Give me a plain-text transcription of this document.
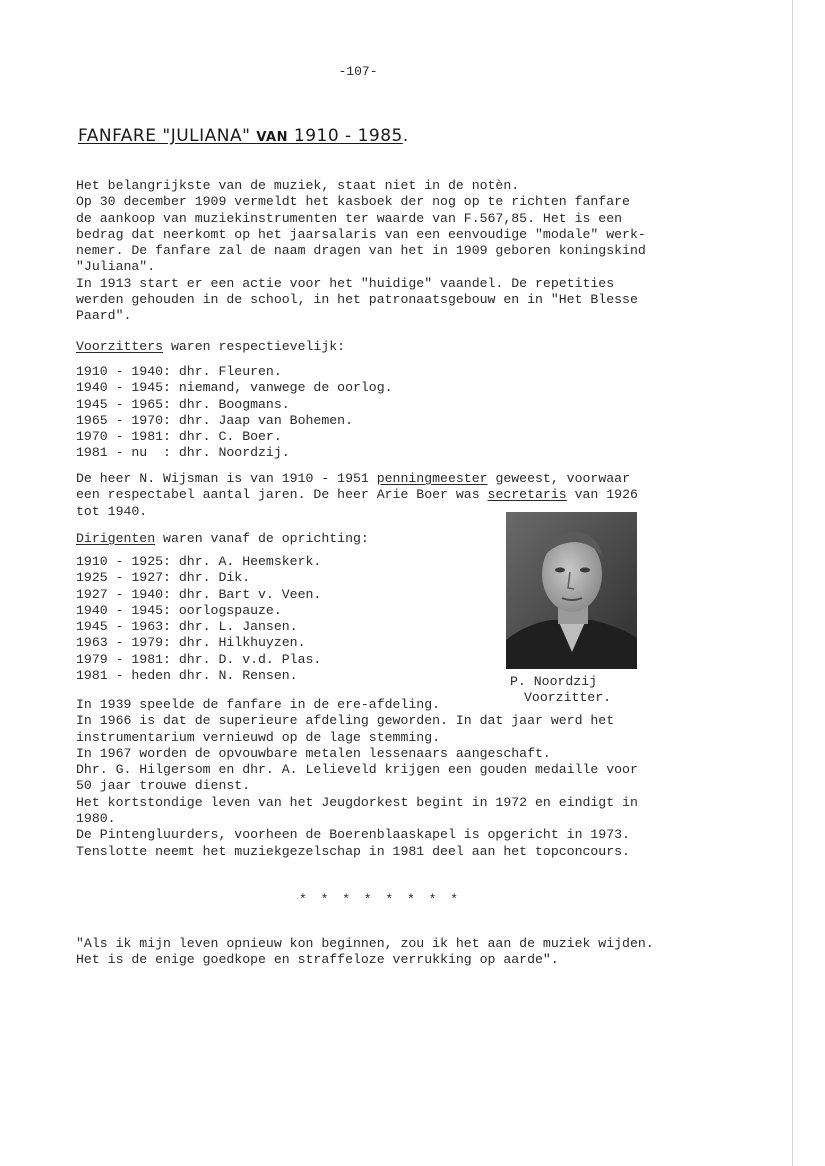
-107-
FANFARE "JULIANA" VAN 1910 - 1985.
Het belangrijkste van de muziek, staat niet in de notèn.
Op 30 december 1909 vermeldt het kasboek der nog op te richten fanfare
de aankoop van muziekinstrumenten ter waarde van F.567,85. Het is een
bedrag dat neerkomt op het jaarsalaris van een eenvoudige "modale" werk-
nemer. De fanfare zal de naam dragen van het in 1909 geboren koningskind
"Juliana".
In 1913 start er een actie voor het "huidige" vaandel. De repetities
werden gehouden in de school, in het patronaatsgebouw en in "Het Blesse
Paard".
Voorzitters waren respectievelijk:
1910 - 1940: dhr. Fleuren.
1940 - 1945: niemand, vanwege de oorlog.
1945 - 1965: dhr. Boogmans.
1965 - 1970: dhr. Jaap van Bohemen.
1970 - 1981: dhr. C. Boer.
1981 - nu  : dhr. Noordzij.
De heer N. Wijsman is van 1910 - 1951 penningmeester geweest, voorwaar
een respectabel aantal jaren. De heer Arie Boer was secretaris van 1926
tot 1940.
Dirigenten waren vanaf de oprichting:
1910 - 1925: dhr. A. Heemskerk.
1925 - 1927: dhr. Dik.
1927 - 1940: dhr. Bart v. Veen.
1940 - 1945: oorlogspauze.
1945 - 1963: dhr. L. Jansen.
1963 - 1979: dhr. Hilkhuyzen.
1979 - 1981: dhr. D. v.d. Plas.
1981 - heden dhr. N. Rensen.	P. Noordzij
Voorzitter.
In 1939 speelde de fanfare in de ere-afdeling.
In 1966 is dat de superieure afdeling geworden. In dat jaar werd het
instrumentarium vernieuwd op de lage stemming.
In 1967 worden de opvouwbare metalen lessenaars aangeschaft.
Dhr. G. Hilgersom en dhr. A. Lelieveld krijgen een gouden medaille voor
50 jaar trouwe dienst.
Het kortstondige leven van het Jeugdorkest begint in 1972 en eindigt in
1980.
De Pintengluurders, voorheen de Boerenblaaskapel is opgericht in 1973.
Tenslotte neemt het muziekgezelschap in 1981 deel aan het topconcours.
* * * * * * * *
"Als ik mijn leven opnieuw kon beginnen, zou ik het aan de muziek wijden.
Het is de enige goedkope en straffeloze verrukking op aarde".
